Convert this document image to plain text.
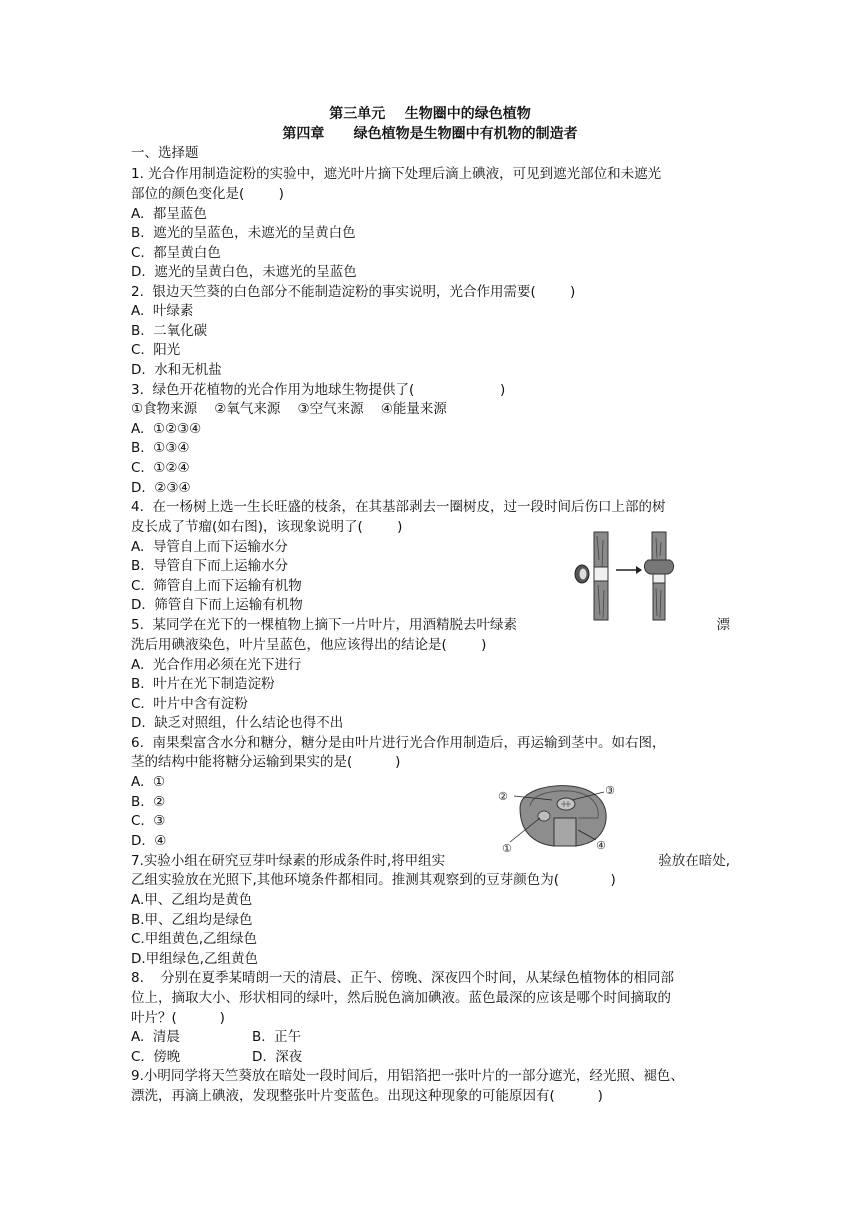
第三单元    生物圈中的绿色植物
第四章      绿色植物是生物圈中有机物的制造者
一、选择题
1. 光合作用制造淀粉的实验中，遮光叶片摘下处理后滴上碘液，可见到遮光部位和未遮光
部位的颜色变化是(        )
A.  都呈蓝色
B.  遮光的呈蓝色，未遮光的呈黄白色
C.  都呈黄白色
D.  遮光的呈黄白色，未遮光的呈蓝色
2.  银边天竺葵的白色部分不能制造淀粉的事实说明，光合作用需要(        )
A.  叶绿素
B.  二氧化碳
C.  阳光
D.  水和无机盐
3.  绿色开花植物的光合作用为地球生物提供了(                    )
①食物来源    ②氧气来源    ③空气来源    ④能量来源
A.  ①②③④
B.  ①③④
C.  ①②④
D.  ②③④
4.  在一杨树上选一生长旺盛的枝条，在其基部剥去一圈树皮，过一段时间后伤口上部的树
皮长成了节瘤(如右图)，该现象说明了(        )
A.  导管自上而下运输水分
B.  导管自下而上运输水分
C.  筛管自上而下运输有机物
D.  筛管自下而上运输有机物
5.  某同学在光下的一棵植物上摘下一片叶片，用酒精脱去叶绿素	漂
洗后用碘液染色，叶片呈蓝色，他应该得出的结论是(        )
A.  光合作用必须在光下进行
B.  叶片在光下制造淀粉
C.  叶片中含有淀粉
D.  缺乏对照组，什么结论也得不出
6.  南果梨富含水分和糖分，糖分是由叶片进行光合作用制造后，再运输到茎中。如右图，
茎的结构中能将糖分运输到果实的是(          )
A.  ①
B.  ②
C.  ③
D.  ④
②	③
①	④
7.实验小组在研究豆芽叶绿素的形成条件时,将甲组实	验放在暗处,
乙组实验放在光照下,其他环境条件都相同。推测其观察到的豆芽颜色为(            )
A.甲、乙组均是黄色
B.甲、乙组均是绿色
C.甲组黄色,乙组绿色
D.甲组绿色,乙组黄色
8.    分别在夏季某晴朗一天的清晨、正午、傍晚、深夜四个时间，从某绿色植物体的相同部
位上，摘取大小、形状相同的绿叶，然后脱色滴加碘液。蓝色最深的应该是哪个时间摘取的
叶片？(          )
A.  清晨	B.  正午
C.  傍晚	D.  深夜
9.小明同学将天竺葵放在暗处一段时间后，用铝箔把一张叶片的一部分遮光，经光照、褪色、
漂洗，再滴上碘液，发现整张叶片变蓝色。出现这种现象的可能原因有(          )
